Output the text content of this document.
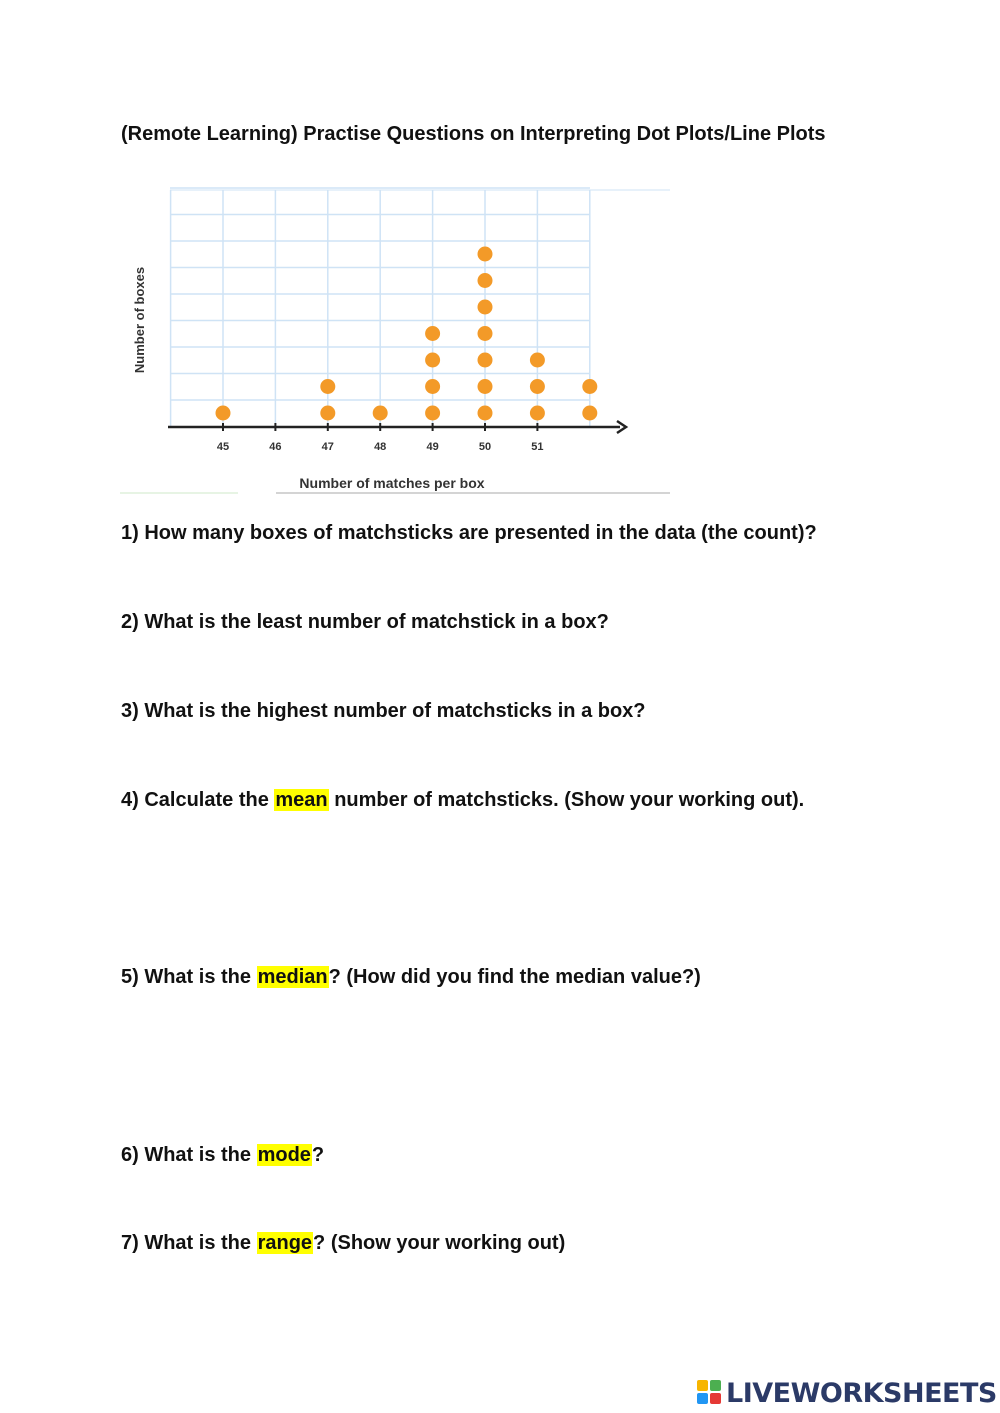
(Remote Learning) Practise Questions on Interpreting Dot Plots/Line Plots
45	46	47	48	49	50	51
Number of matches per box
Number of boxes
1) How many boxes of matchsticks are presented in the data (the count)?
2) What is the least number of matchstick in a box?
3) What is the highest number of matchsticks in a box?
4) Calculate the mean number of matchsticks. (Show your working out).
5) What is the median? (How did you find the median value?)
6) What is the mode?
7) What is the range? (Show your working out)
LIVEWORKSHEETS
